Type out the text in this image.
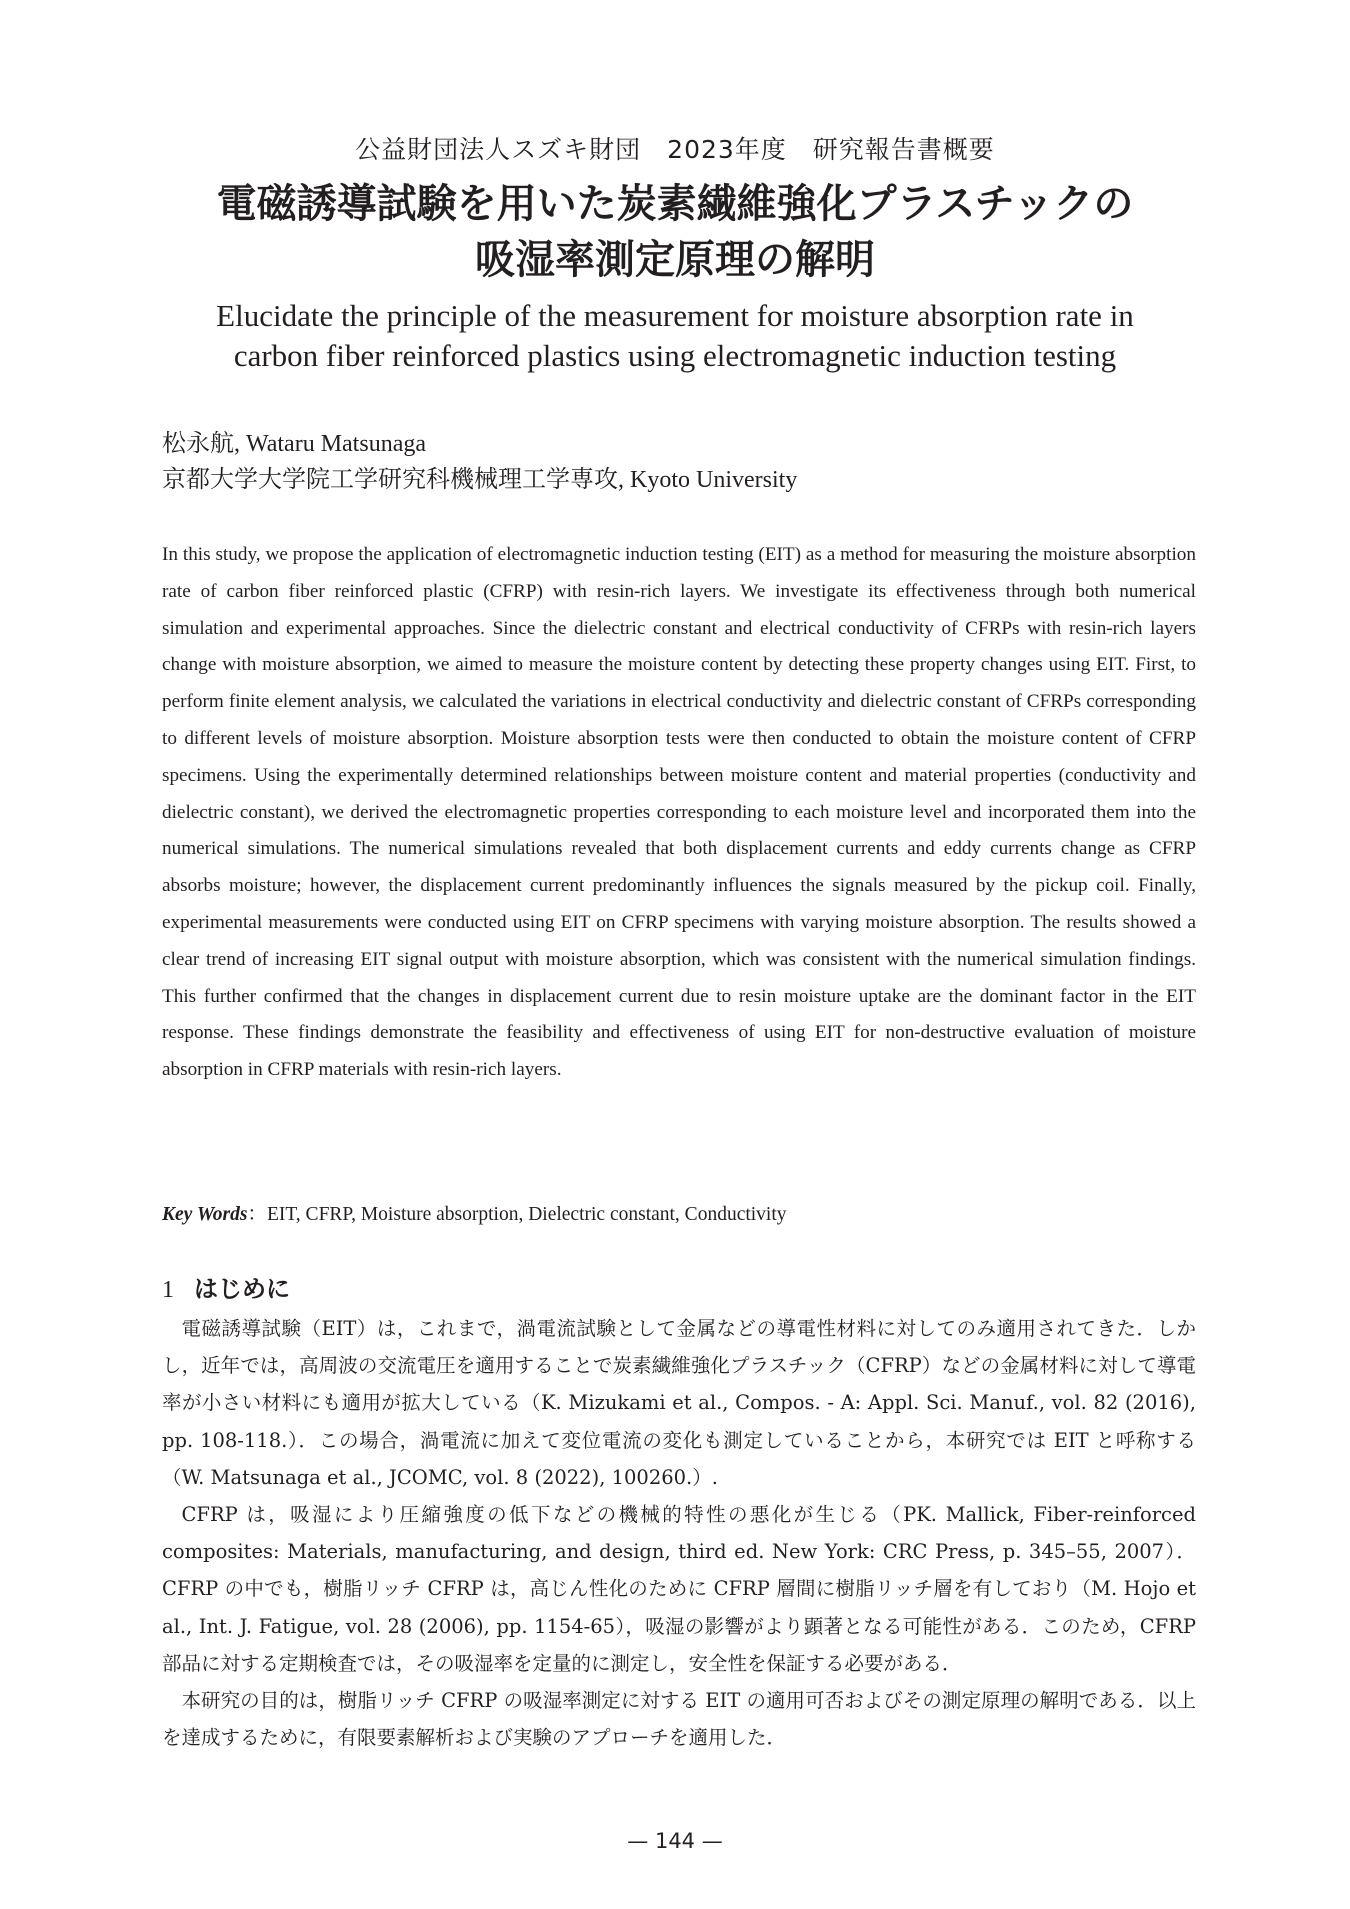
公益財団法人スズキ財団　2023年度　研究報告書概要
電磁誘導試験を用いた炭素繊維強化プラスチックの
吸湿率測定原理の解明
Elucidate the principle of the measurement for moisture absorption rate in
carbon fiber reinforced plastics using electromagnetic induction testing
松永航, Wataru Matsunaga
京都大学大学院工学研究科機械理工学専攻, Kyoto University

In this study, we propose the application of electromagnetic induction testing (EIT) as a method for measuring the moisture absorption rate of carbon fiber reinforced plastic (CFRP) with resin-rich layers. We investigate its effectiveness through both numerical simulation and experimental approaches. Since the dielectric constant and electrical conductivity of CFRPs with resin-rich layers change with moisture absorption, we aimed to measure the moisture content by detecting these property changes using EIT. First, to perform finite element analysis, we calculated the variations in electrical conductivity and dielectric constant of CFRPs corresponding to different levels of moisture absorption. Moisture absorption tests were then conducted to obtain the moisture content of CFRP specimens. Using the experimentally determined relationships between moisture content and material properties (conductivity and dielectric constant), we derived the electromagnetic properties corresponding to each moisture level and incorporated them into the numerical simulations. The numerical simulations revealed that both displacement currents and eddy currents change as CFRP absorbs moisture; however, the displacement current predominantly influences the signals measured by the pickup coil. Finally, experimental measurements were conducted using EIT on CFRP specimens with varying moisture absorption. The results showed a clear trend of increasing EIT signal output with moisture absorption, which was consistent with the numerical simulation findings. This further confirmed that the changes in displacement current due to resin moisture uptake are the dominant factor in the EIT response. These findings demonstrate the feasibility and effectiveness of using EIT for non-destructive evaluation of moisture absorption in CFRP materials with resin-rich layers.

Key Words：EIT, CFRP, Moisture absorption, Dielectric constant, Conductivity
1 はじめに

電磁誘導試験（EIT）は，これまで，渦電流試験として金属などの導電性材料に対してのみ適用されてきた．しかし，近年では，高周波の交流電圧を適用することで炭素繊維強化プラスチック（CFRP）などの金属材料に対して導電率が小さい材料にも適用が拡大している（K. Mizukami et al., Compos. - A: Appl. Sci. Manuf., vol. 82 (2016), pp. 108-118.）．この場合，渦電流に加えて変位電流の変化も測定していることから，本研究では EIT と呼称する（W. Matsunaga et al., JCOMC, vol. 8 (2022), 100260.）.

CFRP は，吸湿により圧縮強度の低下などの機械的特性の悪化が生じる（PK. Mallick, Fiber-reinforced composites: Materials, manufacturing, and design, third ed. New York: CRC Press, p. 345–55, 2007）．CFRP の中でも，樹脂リッチ CFRP は，高じん性化のために CFRP 層間に樹脂リッチ層を有しており（M. Hojo et al., Int. J. Fatigue, vol. 28 (2006), pp. 1154-65），吸湿の影響がより顕著となる可能性がある．このため，CFRP 部品に対する定期検査では，その吸湿率を定量的に測定し，安全性を保証する必要がある．

本研究の目的は，樹脂リッチ CFRP の吸湿率測定に対する EIT の適用可否およびその測定原理の解明である．以上を達成するために，有限要素解析および実験のアプローチを適用した．

— 144 —
